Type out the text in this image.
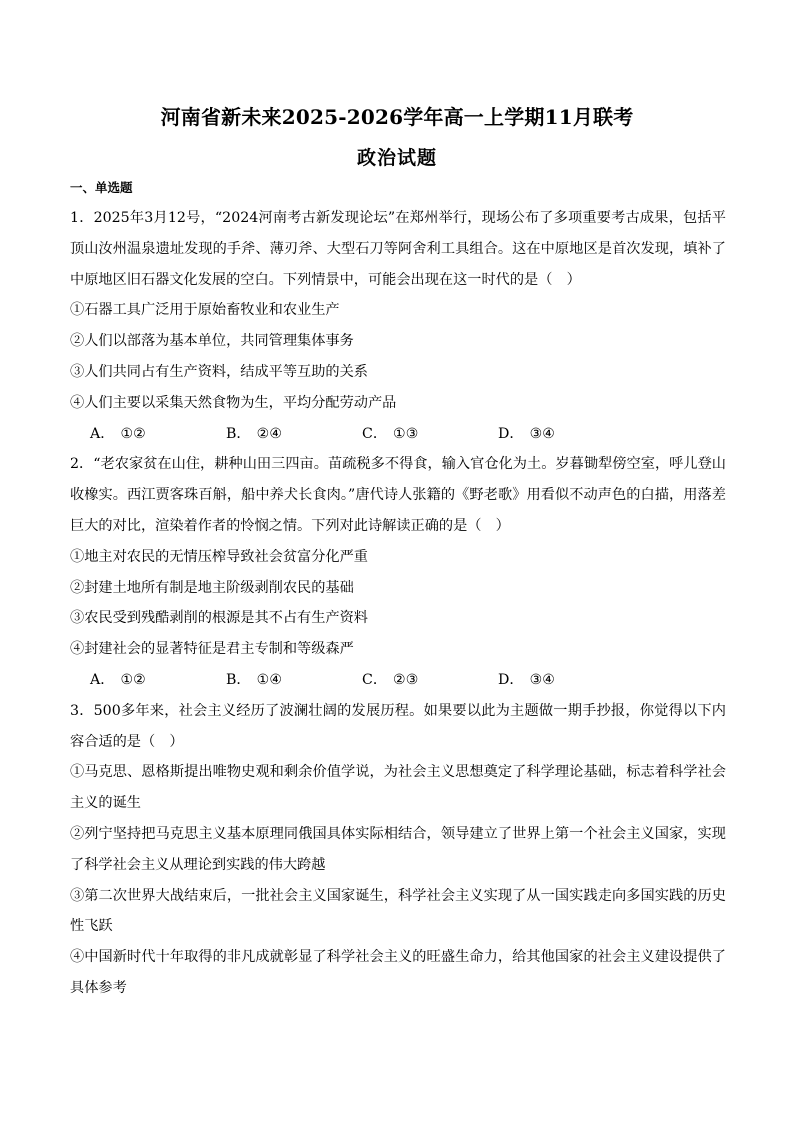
河南省新未来2025-2026学年高一上学期11月联考
政治试题
一、单选题

1．2025年3月12号，“2024河南考古新发现论坛”在郑州举行，现场公布了多项重要考古成果，包括平顶山汝州温泉遗址发现的手斧、薄刃斧、大型石刀等阿舍利工具组合。这在中原地区是首次发现，填补了中原地区旧石器文化发展的空白。下列情景中，可能会出现在这一时代的是（　）

①石器工具广泛用于原始畜牧业和农业生产

②人们以部落为基本单位，共同管理集体事务

③人们共同占有生产资料，结成平等互助的关系

④人们主要以采集天然食物为生，平均分配劳动产品

A． ①②	B． ②④	C． ①③	D． ③④

2．“老农家贫在山住，耕种山田三四亩。苗疏税多不得食，输入官仓化为土。岁暮锄犁傍空室，呼儿登山收橡实。西江贾客珠百斛，船中养犬长食肉。”唐代诗人张籍的《野老歌》用看似不动声色的白描，用落差巨大的对比，渲染着作者的怜悯之情。下列对此诗解读正确的是（　）

①地主对农民的无情压榨导致社会贫富分化严重

②封建土地所有制是地主阶级剥削农民的基础

③农民受到残酷剥削的根源是其不占有生产资料

④封建社会的显著特征是君主专制和等级森严

A． ①②	B． ①④	C． ②③	D． ③④

3．500多年来，社会主义经历了波澜壮阔的发展历程。如果要以此为主题做一期手抄报，你觉得以下内容合适的是（　）

①马克思、恩格斯提出唯物史观和剩余价值学说，为社会主义思想奠定了科学理论基础，标志着科学社会主义的诞生

②列宁坚持把马克思主义基本原理同俄国具体实际相结合，领导建立了世界上第一个社会主义国家，实现了科学社会主义从理论到实践的伟大跨越

③第二次世界大战结束后，一批社会主义国家诞生，科学社会主义实现了从一国实践走向多国实践的历史性飞跃

④中国新时代十年取得的非凡成就彰显了科学社会主义的旺盛生命力，给其他国家的社会主义建设提供了具体参考
